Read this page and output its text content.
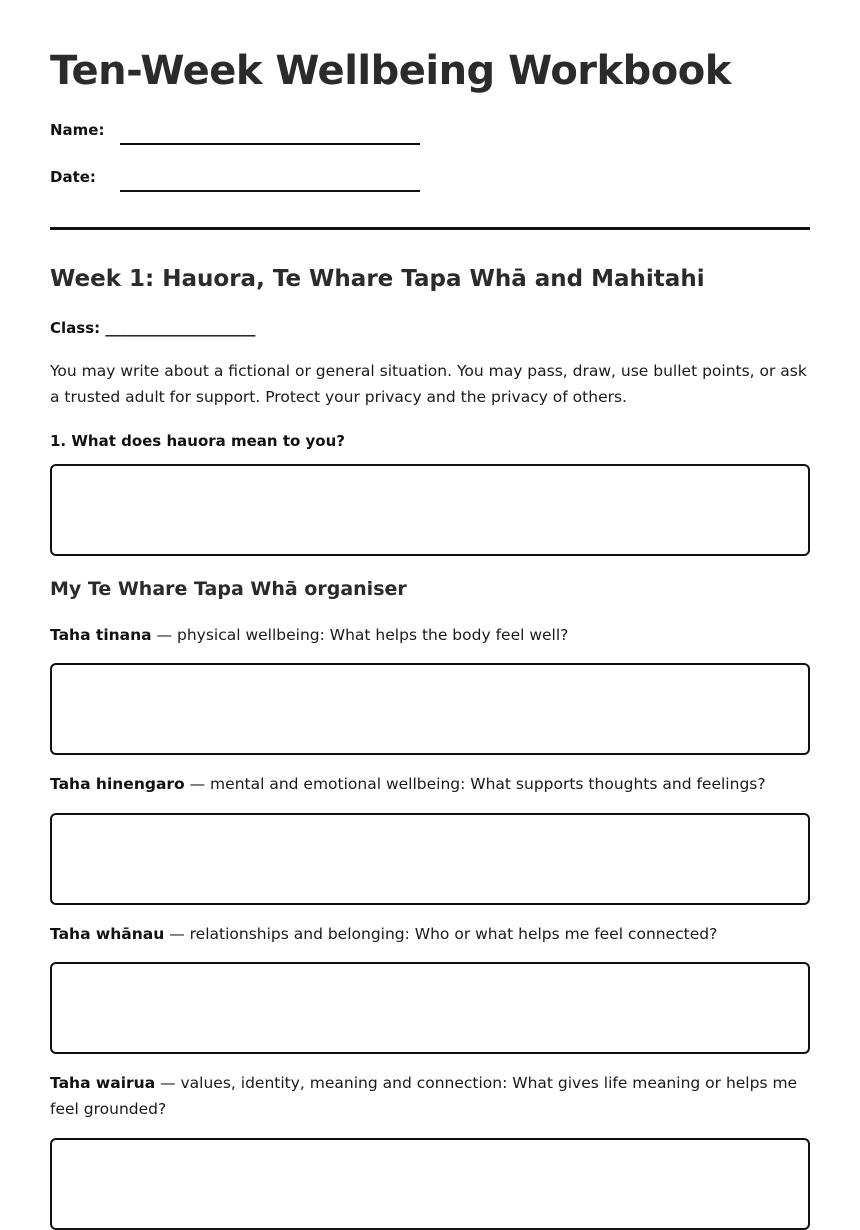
Ten-Week Wellbeing Workbook
Name:
Date:
Week 1: Hauora, Te Whare Tapa Whā and Mahitahi
Class: ____________________

You may write about a fictional or general situation. You may pass, draw, use bullet points, or ask a trusted adult for support. Protect your privacy and the privacy of others.

1. What does hauora mean to you?
My Te Whare Tapa Whā organiser

Taha tinana — physical wellbeing: What helps the body feel well?

Taha hinengaro — mental and emotional wellbeing: What supports thoughts and feelings?

Taha whānau — relationships and belonging: Who or what helps me feel connected?

Taha wairua — values, identity, meaning and connection: What gives life meaning or helps me feel grounded?
